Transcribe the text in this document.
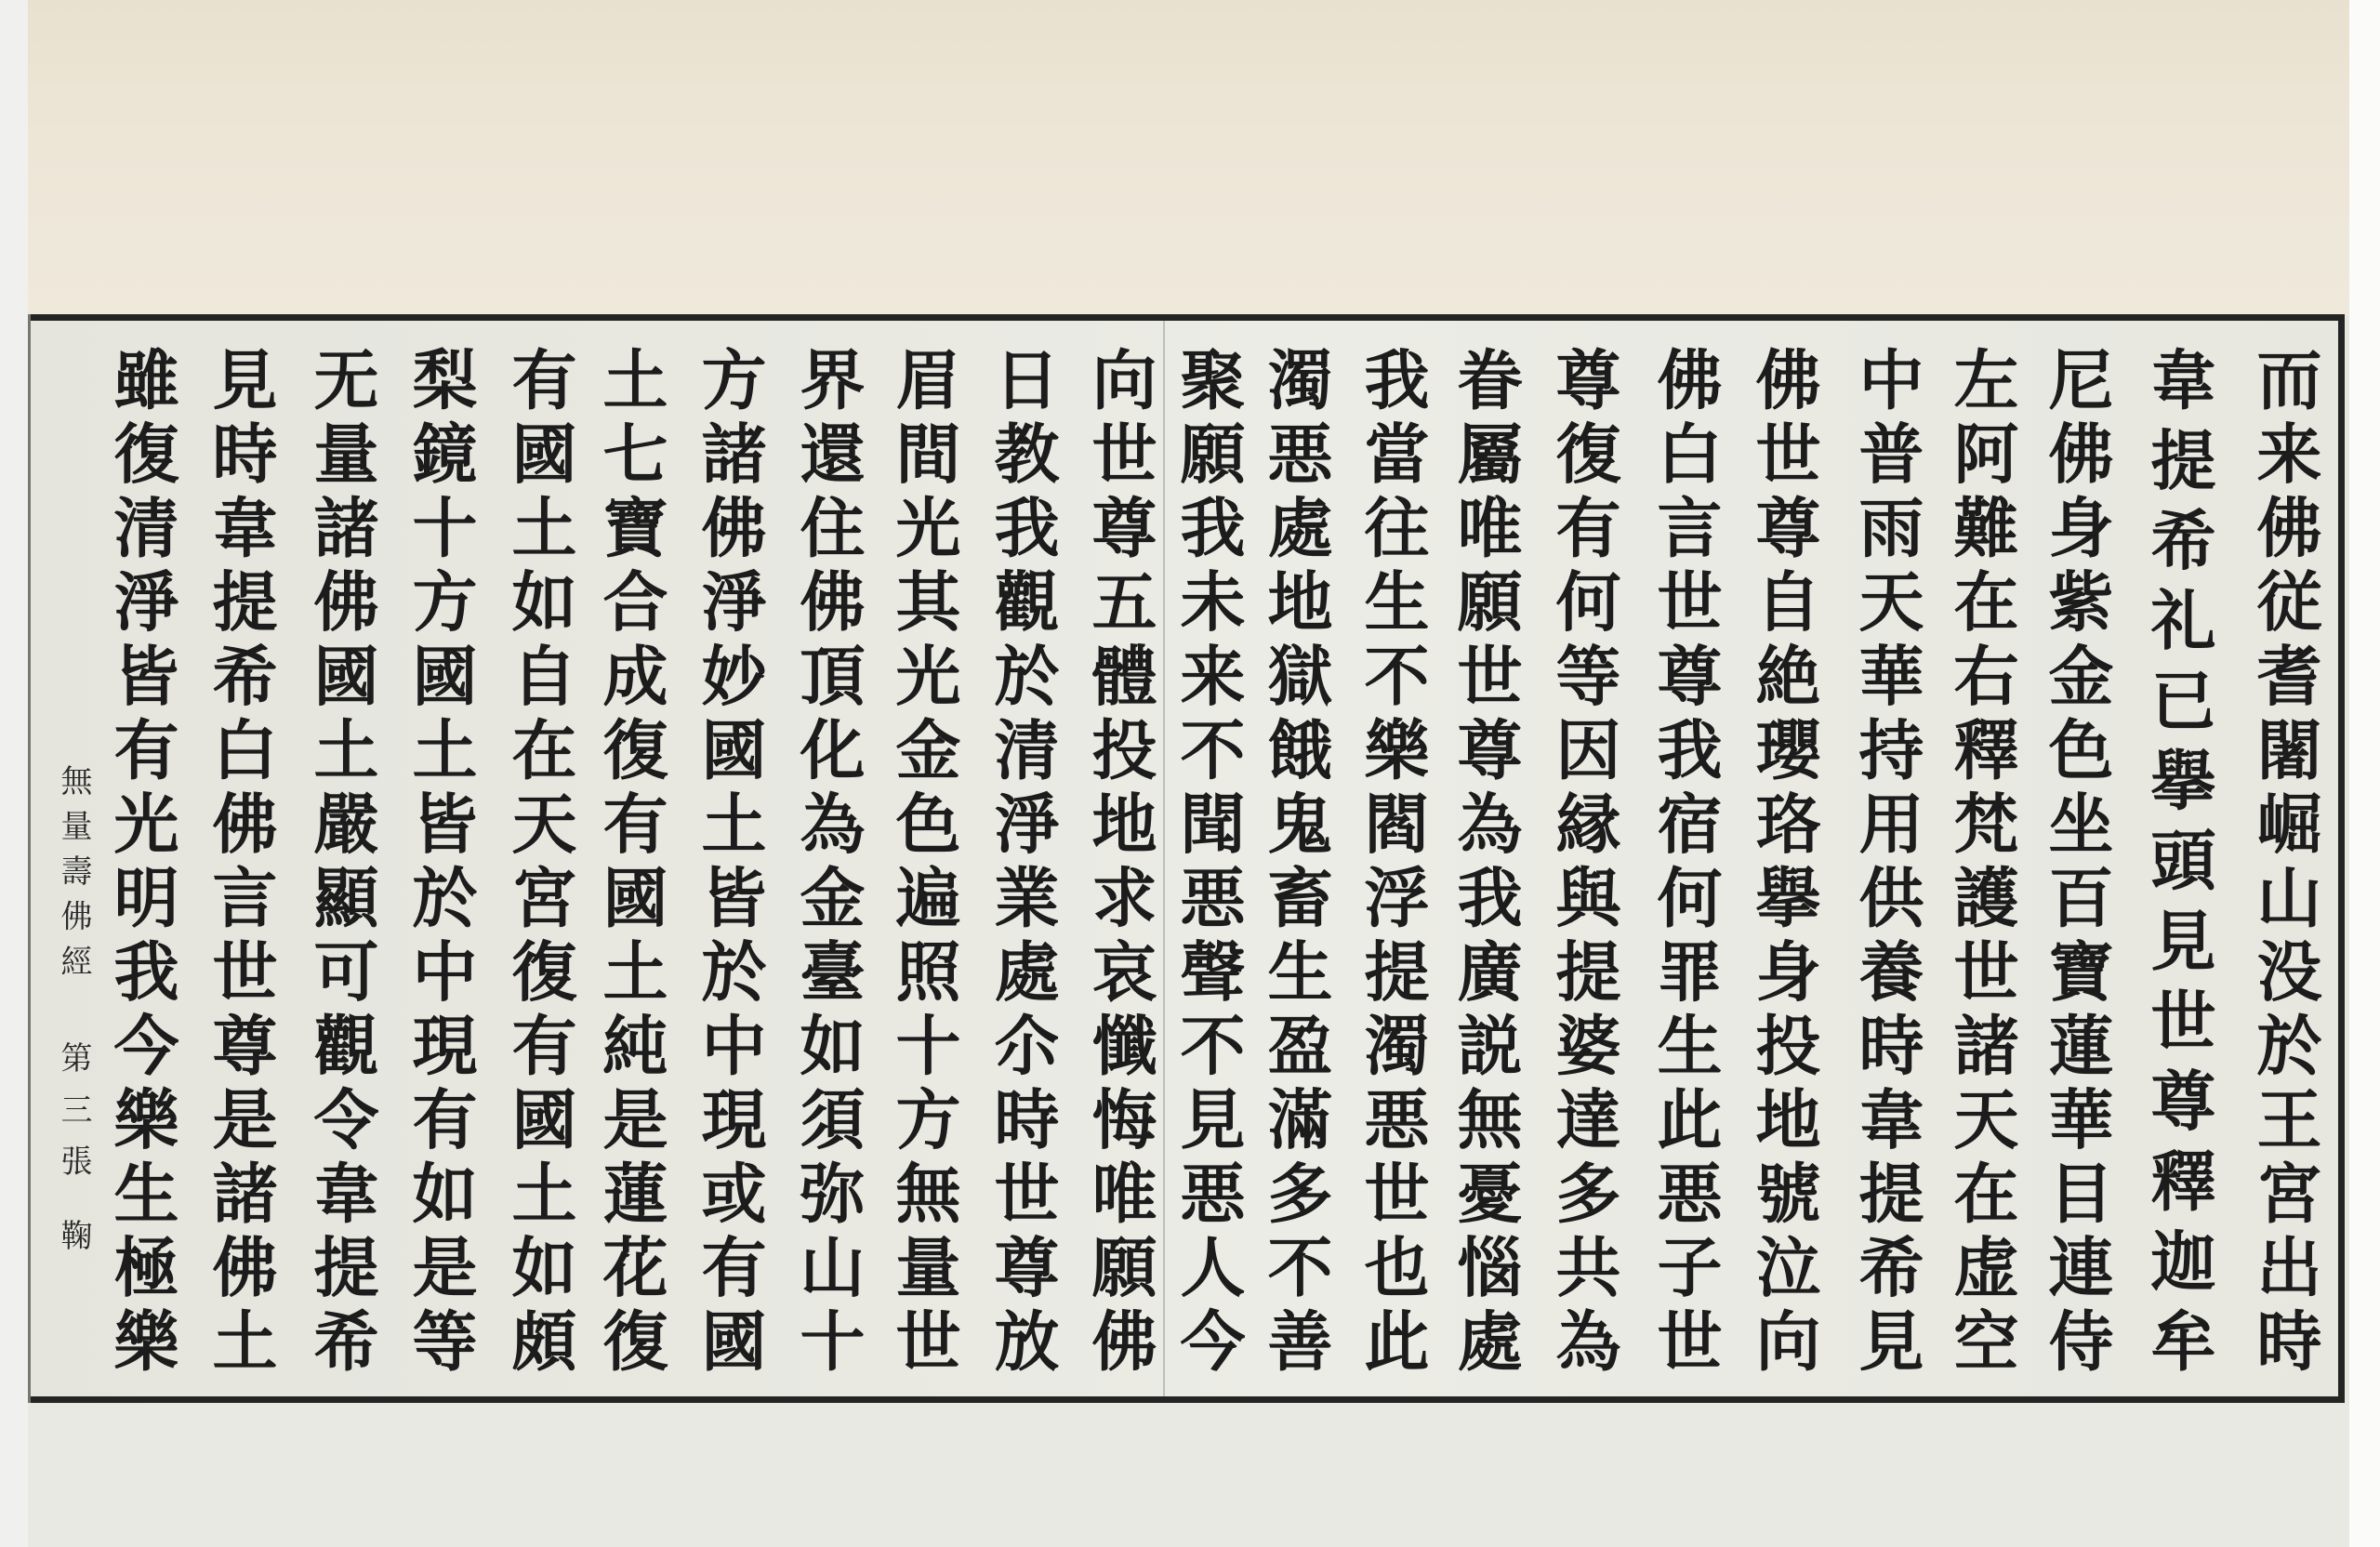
而来佛従耆闍崛山没於王宮出時
韋提希礼已擧頭見世尊釋迦牟
尼佛身紫金色坐百寶蓮華目連侍
左阿難在右釋梵護世諸天在虚空
中普雨天華持用供養時韋提希見
佛世尊自絶瓔珞擧身投地號泣向
佛白言世尊我宿何罪生此悪子世
尊復有何等因縁與提婆達多共為
眷屬唯願世尊為我廣説無憂惱處
我當往生不樂閻浮提濁悪世也此
濁悪處地獄餓鬼畜生盈滿多不善
聚願我未来不聞悪聲不見悪人今
向世尊五體投地求哀懺悔唯願佛
日教我觀於清淨業處尒時世尊放
眉間光其光金色遍照十方無量世
界還住佛頂化為金臺如須弥山十
方諸佛淨妙國土皆於中現或有國
土七寶合成復有國土純是蓮花復
有國土如自在天宮復有國土如頗
梨鏡十方國土皆於中現有如是等
无量諸佛國土嚴顯可觀令韋提希
見時韋提希白佛言世尊是諸佛土
雖復清淨皆有光明我今樂生極樂
無量壽佛經
第三張
鞠
